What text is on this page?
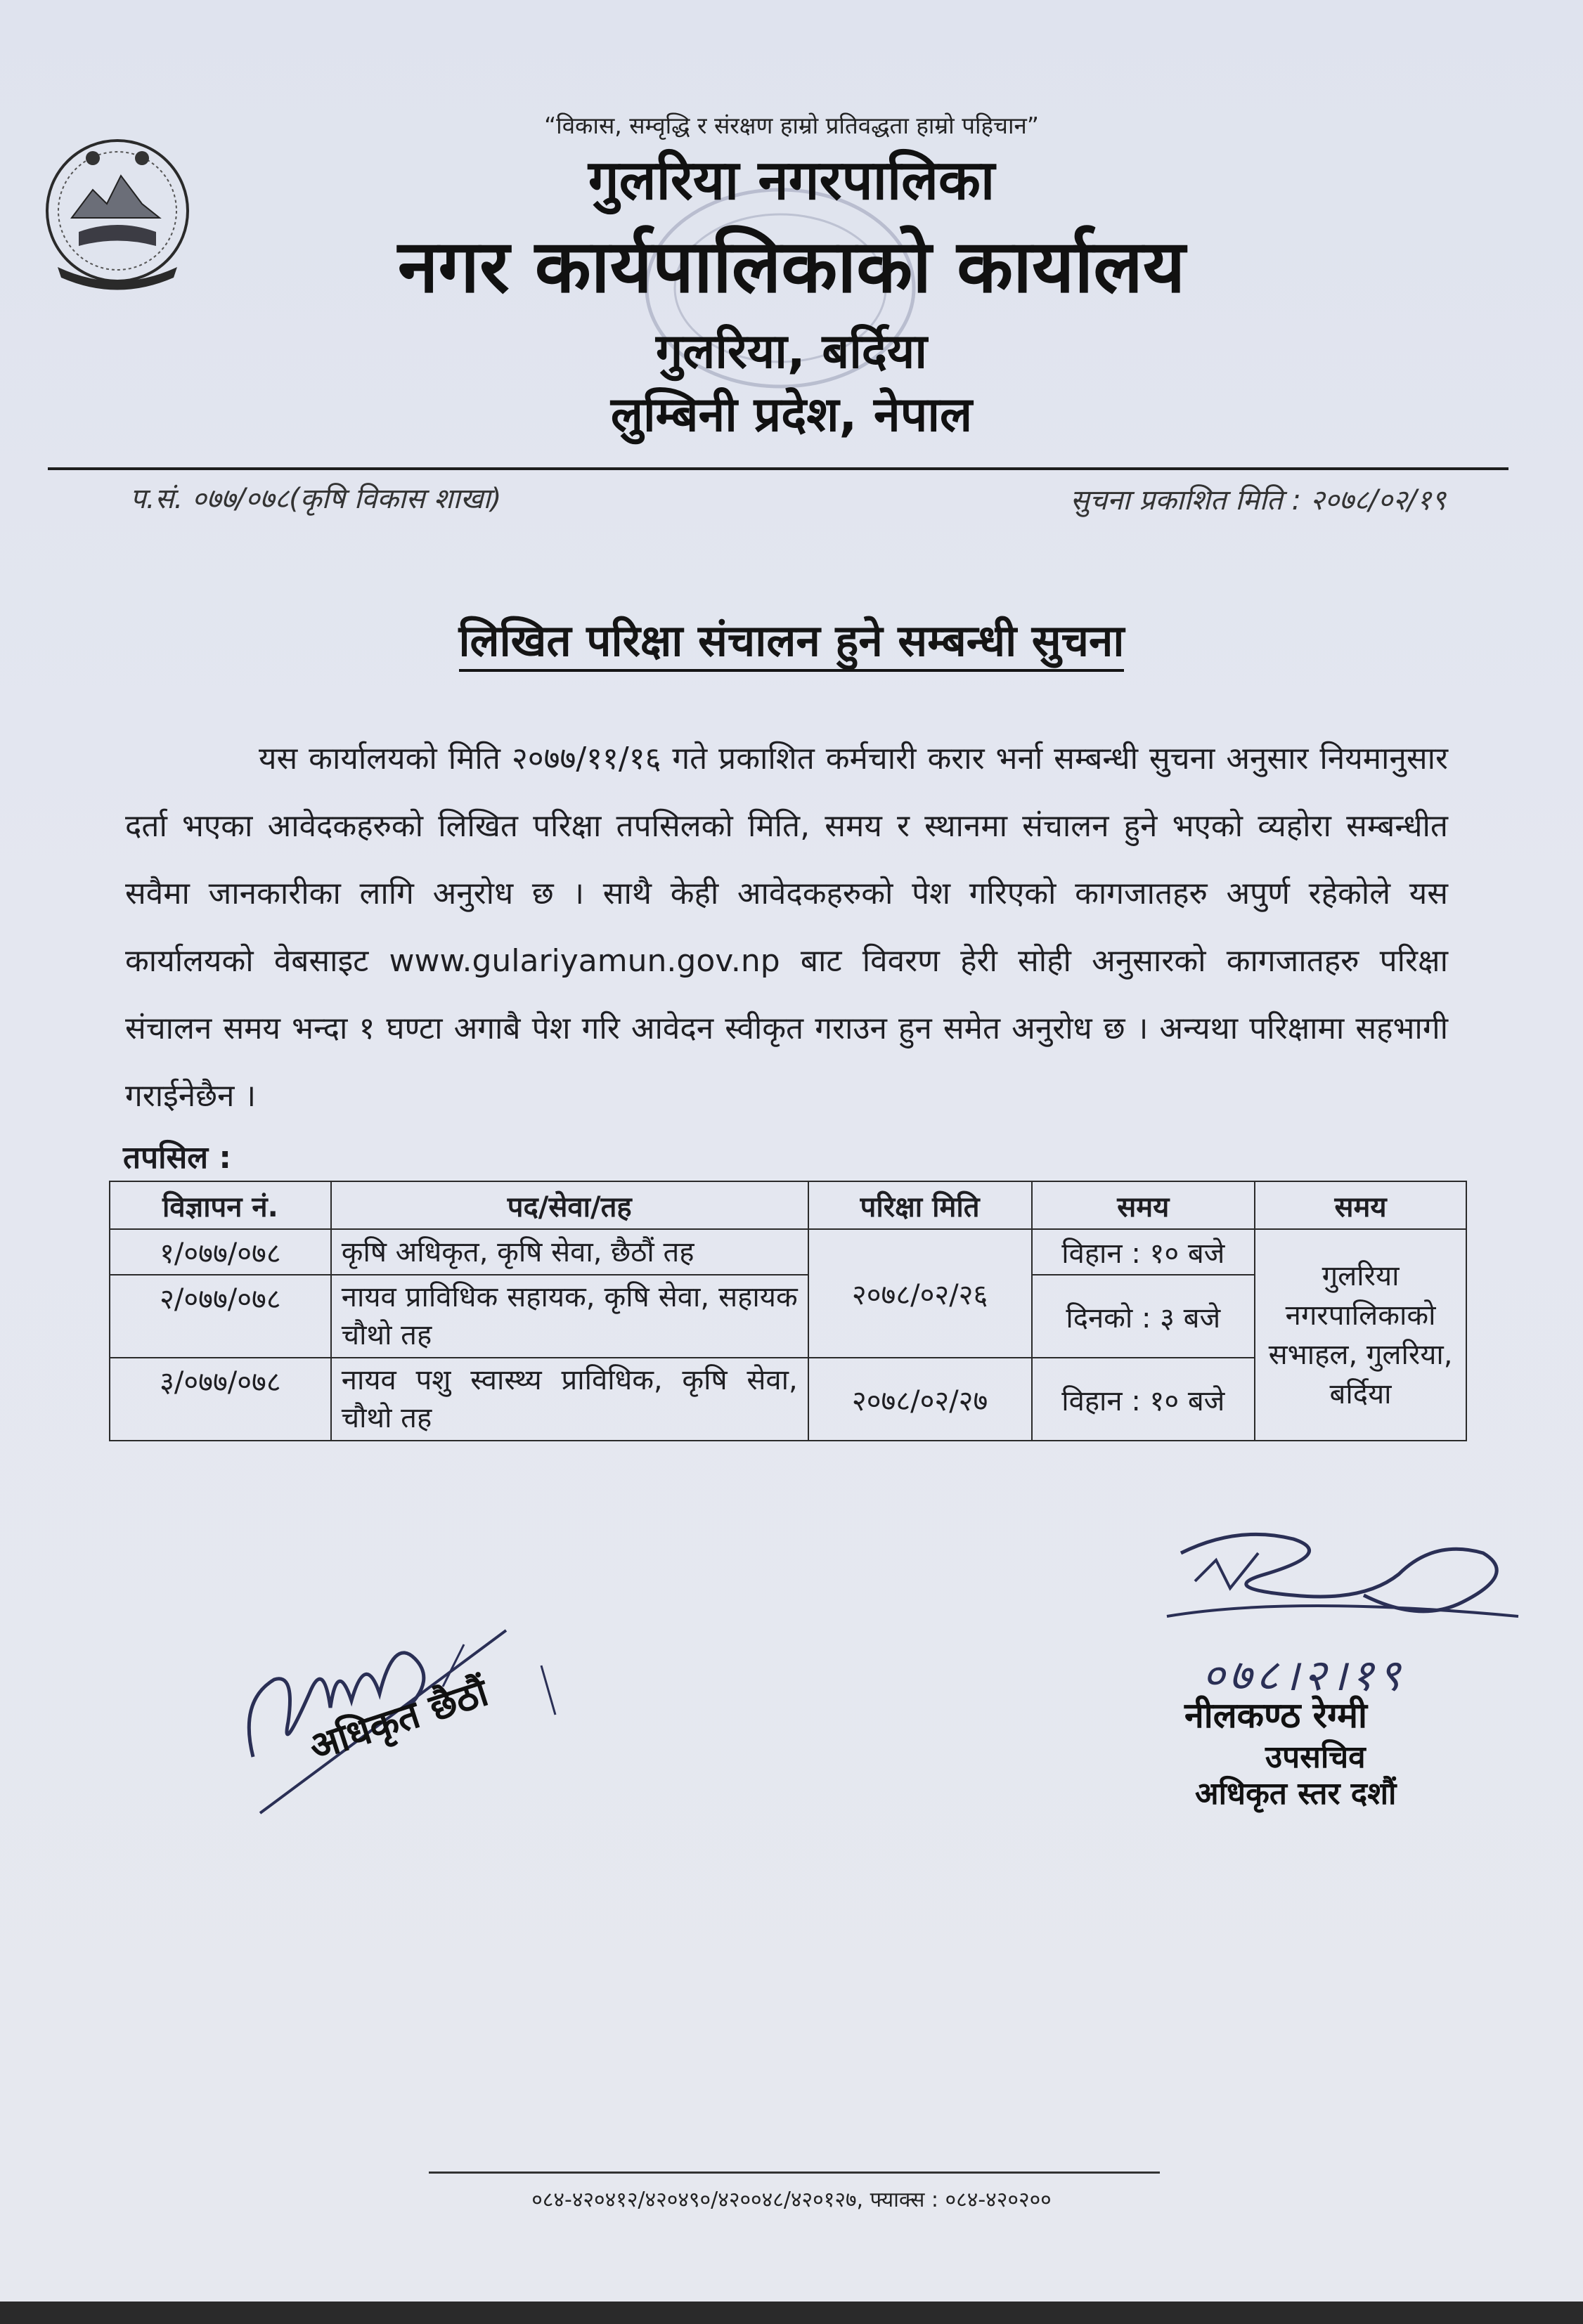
“विकास, सम्वृद्धि र संरक्षण हाम्रो प्रतिवद्धता हाम्रो पहिचान”
गुलरिया नगरपालिका
नगर कार्यपालिकाको कार्यालय
गुलरिया, बर्दिया
लुम्बिनी प्रदेश, नेपाल
प.सं. ०७७/०७८(कृषि विकास शाखा)	सुचना प्रकाशित मिति : २०७८/०२/१९
लिखित परिक्षा संचालन हुने सम्बन्धी सुचना
यस कार्यालयको मिति २०७७/११/१६ गते प्रकाशित कर्मचारी करार भर्ना सम्बन्धी सुचना अनुसार नियमानुसार दर्ता भएका आवेदकहरुको लिखित परिक्षा तपसिलको मिति, समय र स्थानमा संचालन हुने भएको व्यहोरा सम्बन्धीत सवैमा जानकारीका लागि अनुरोध छ । साथै केही आवेदकहरुको पेश गरिएको कागजातहरु अपुर्ण रहेकोले यस कार्यालयको वेबसाइट www.gulariyamun.gov.np बाट विवरण हेरी सोही अनुसारको कागजातहरु परिक्षा संचालन समय भन्दा १ घण्टा अगाबै पेश गरि आवेदन स्वीकृत गराउन हुन समेत अनुरोध छ । अन्यथा परिक्षामा सहभागी गराईनेछैन ।
तपसिल :
विज्ञापन नं.	पद/सेवा/तह	परिक्षा मिति	समय	समय
१/०७७/०७८	कृषि अधिकृत, कृषि सेवा, छैठौं तह	२०७८/०२/२६	विहान : १० बजे	गुलरिया नगरपालिकाको सभाहल, गुलरिया, बर्दिया
२/०७७/०७८	नायव प्राविधिक सहायक, कृषि सेवा, सहायक चौथो तह		दिनको : ३ बजे	
३/०७७/०७८	नायव पशु स्वास्थ्य प्राविधिक, कृषि सेवा, चौथो तह	२०७८/०२/२७	विहान : १० बजे	
अधिकृत छैठौं	०७८।२।१९
नीलकण्ठ रेग्मी
उपसचिव
अधिकृत स्तर दशौं
०८४-४२०४१२/४२०४९०/४२००४८/४२०१२७, फ्याक्स : ०८४-४२०२००
